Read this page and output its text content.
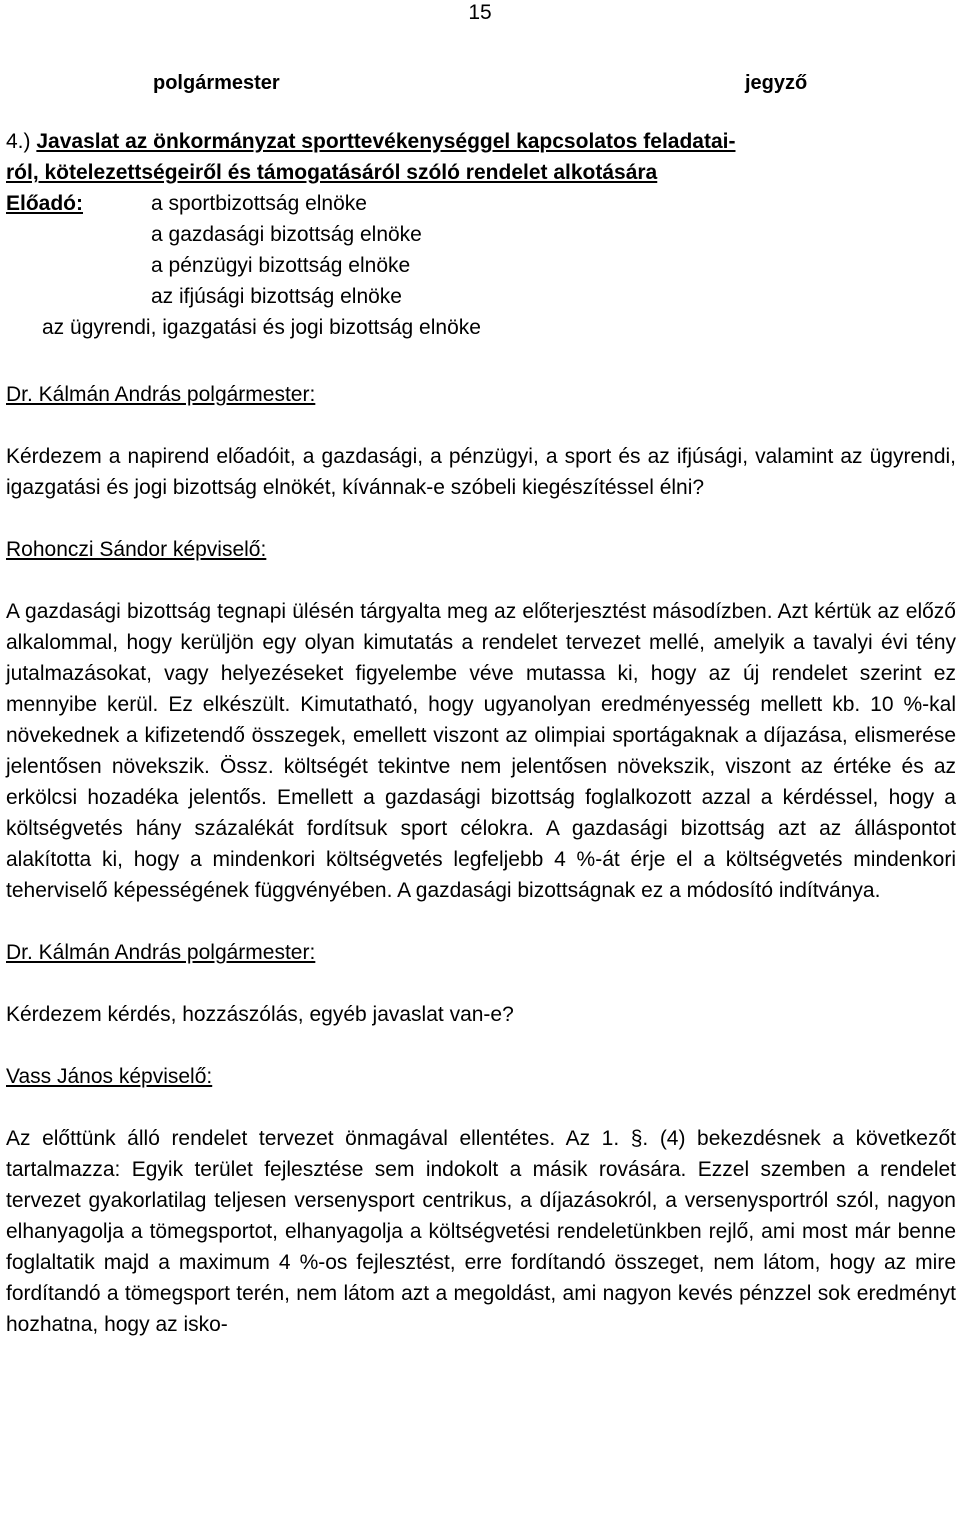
15
polgármester	jegyző
4.) Javaslat az önkormányzat sporttevékenységgel kapcsolatos feladatai-
ról, kötelezettségeiről és támogatásáról szóló rendelet alkotására
Előadó:	a sportbizottság elnöke
a gazdasági bizottság elnöke
a pénzügyi bizottság elnöke
az ifjúsági bizottság elnöke
az ügyrendi, igazgatási és jogi bizottság elnöke

Dr. Kálmán András polgármester:

Kérdezem a napirend előadóit, a gazdasági, a pénzügyi, a sport és az ifjúsági, valamint az ügyrendi, igazgatási és jogi bizottság elnökét, kívánnak-e szóbeli kiegészítéssel élni?

Rohonczi Sándor képviselő:

A gazdasági bizottság tegnapi ülésén tárgyalta meg az előterjesztést másodízben. Azt kértük az előző alkalommal, hogy kerüljön egy olyan kimutatás a rendelet tervezet mellé, amelyik a tavalyi évi tény jutalmazásokat, vagy helyezéseket figyelembe véve mutassa ki, hogy az új rendelet szerint ez mennyibe kerül. Ez elkészült. Kimutatható, hogy ugyanolyan eredményesség mellett kb. 10 %-kal növekednek a kifizetendő összegek, emellett viszont az olimpiai sportágaknak a díjazása, elismerése jelentősen növekszik. Össz. költségét tekintve nem jelentősen növekszik, viszont az értéke és az erkölcsi hozadéka jelentős. Emellett a gazdasági bizottság foglalkozott azzal a kérdéssel, hogy a költségvetés hány százalékát fordítsuk sport célokra. A gazdasági bizottság azt az álláspontot alakította ki, hogy a mindenkori költségvetés legfeljebb 4 %-át érje el a költségvetés mindenkori teherviselő képességének függvényében. A gazdasági bizottságnak ez a módosító indítványa.

Dr. Kálmán András polgármester:

Kérdezem kérdés, hozzászólás, egyéb javaslat van-e?

Vass János képviselő:

Az előttünk álló rendelet tervezet önmagával ellentétes. Az 1. §. (4) bekezdésnek a következőt tartalmazza: Egyik terület fejlesztése sem indokolt a másik rovására. Ezzel szemben a rendelet tervezet gyakorlatilag teljesen versenysport centrikus, a díjazásokról, a versenysportról szól, nagyon elhanyagolja a tömegsportot, elhanyagolja a költségvetési rendeletünkben rejlő, ami most már benne foglaltatik majd a maximum 4 %-os fejlesztést, erre fordítandó összeget, nem látom, hogy az mire fordítandó a tömegsport terén, nem látom azt a megoldást, ami nagyon kevés pénzzel sok eredményt hozhatna, hogy az isko-
